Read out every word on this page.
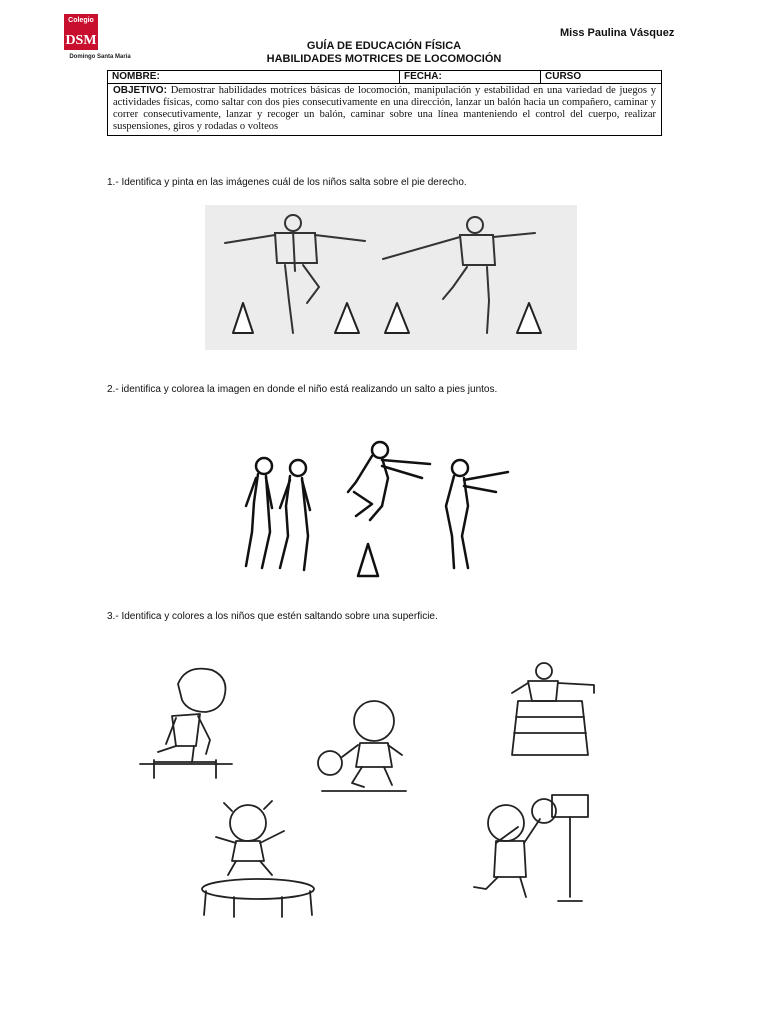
Colegio
DSM
Domingo Santa María
Miss Paulina Vásquez
GUÍA DE EDUCACIÓN FÍSICA
HABILIDADES MOTRICES DE LOCOMOCIÓN
NOMBRE:	FECHA:	CURSO
OBJETIVO: Demostrar habilidades motrices básicas de locomoción, manipulación y estabilidad en una variedad de juegos y actividades físicas, como saltar con dos pies consecutivamente en una dirección, lanzar un balón hacia un compañero, caminar y correr consecutivamente, lanzar y recoger un balón, caminar sobre una línea manteniendo el control del cuerpo, realizar suspensiones, giros y rodadas o volteos
1.- Identifica y pinta en las imágenes cuál de los niños salta sobre el pie derecho.
2.- identifica y colorea la imagen en donde el niño está realizando un salto a pies juntos.
3.- Identifica y colores a los niños que estén saltando sobre una superficie.
